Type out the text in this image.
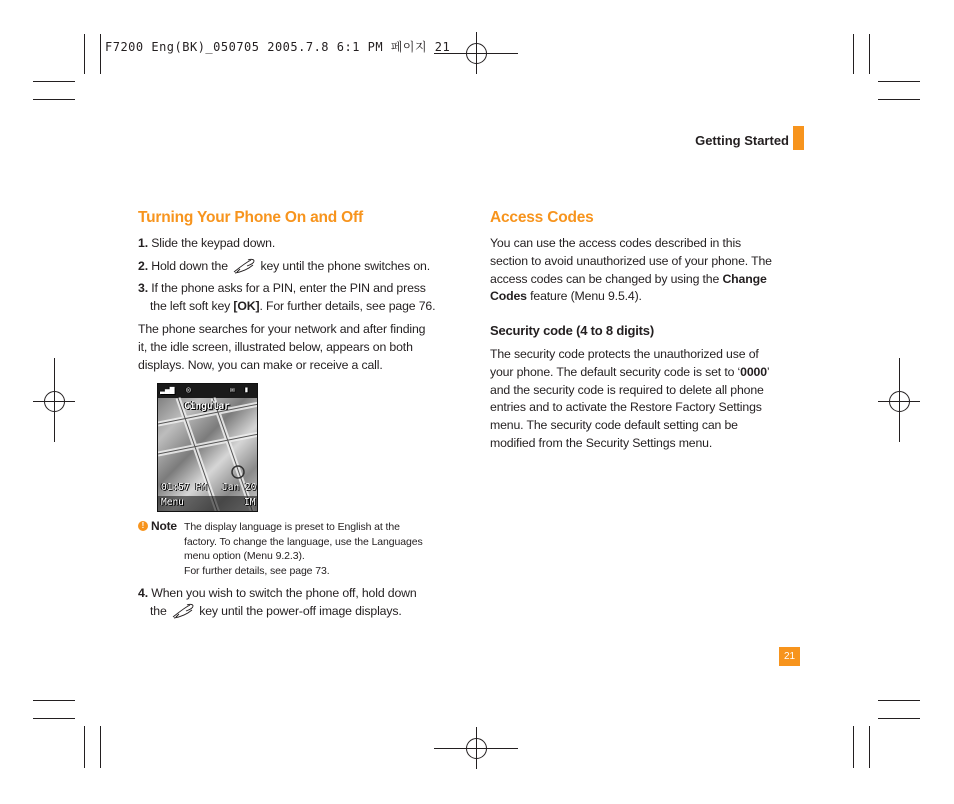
F7200 Eng(BK)_050705 2005.7.8 6:1 PM 페이지 21
Getting Started
Turning Your Phone On and Off
1. Slide the keypad down.
2. Hold down the	key until the phone switches on.
3. If the phone asks for a PIN, enter the PIN and press
the left soft key [OK]. For further details, see page 76.
The phone searches for your network and after finding
it, the idle screen, illustrated below, appears on both
displays. Now, you can make or receive a call.
▂▄▆ ◎	✉ ▮
Cingular
01:57 PM Jan 20
Menu	IM
! Note The display language is preset to English at the
factory. To change the language, use the Languages
menu option (Menu 9.2.3).
For further details, see page 73.
4. When you wish to switch the phone off, hold down
the	key until the power-off image displays.
Access Codes
You can use the access codes described in this
section to avoid unauthorized use of your phone. The
access codes can be changed by using the Change
Codes feature (Menu 9.5.4).
Security code (4 to 8 digits)
The security code protects the unauthorized use of
your phone. The default security code is set to ‘0000’
and the security code is required to delete all phone
entries and to activate the Restore Factory Settings
menu. The security code default setting can be
modified from the Security Settings menu.
21
